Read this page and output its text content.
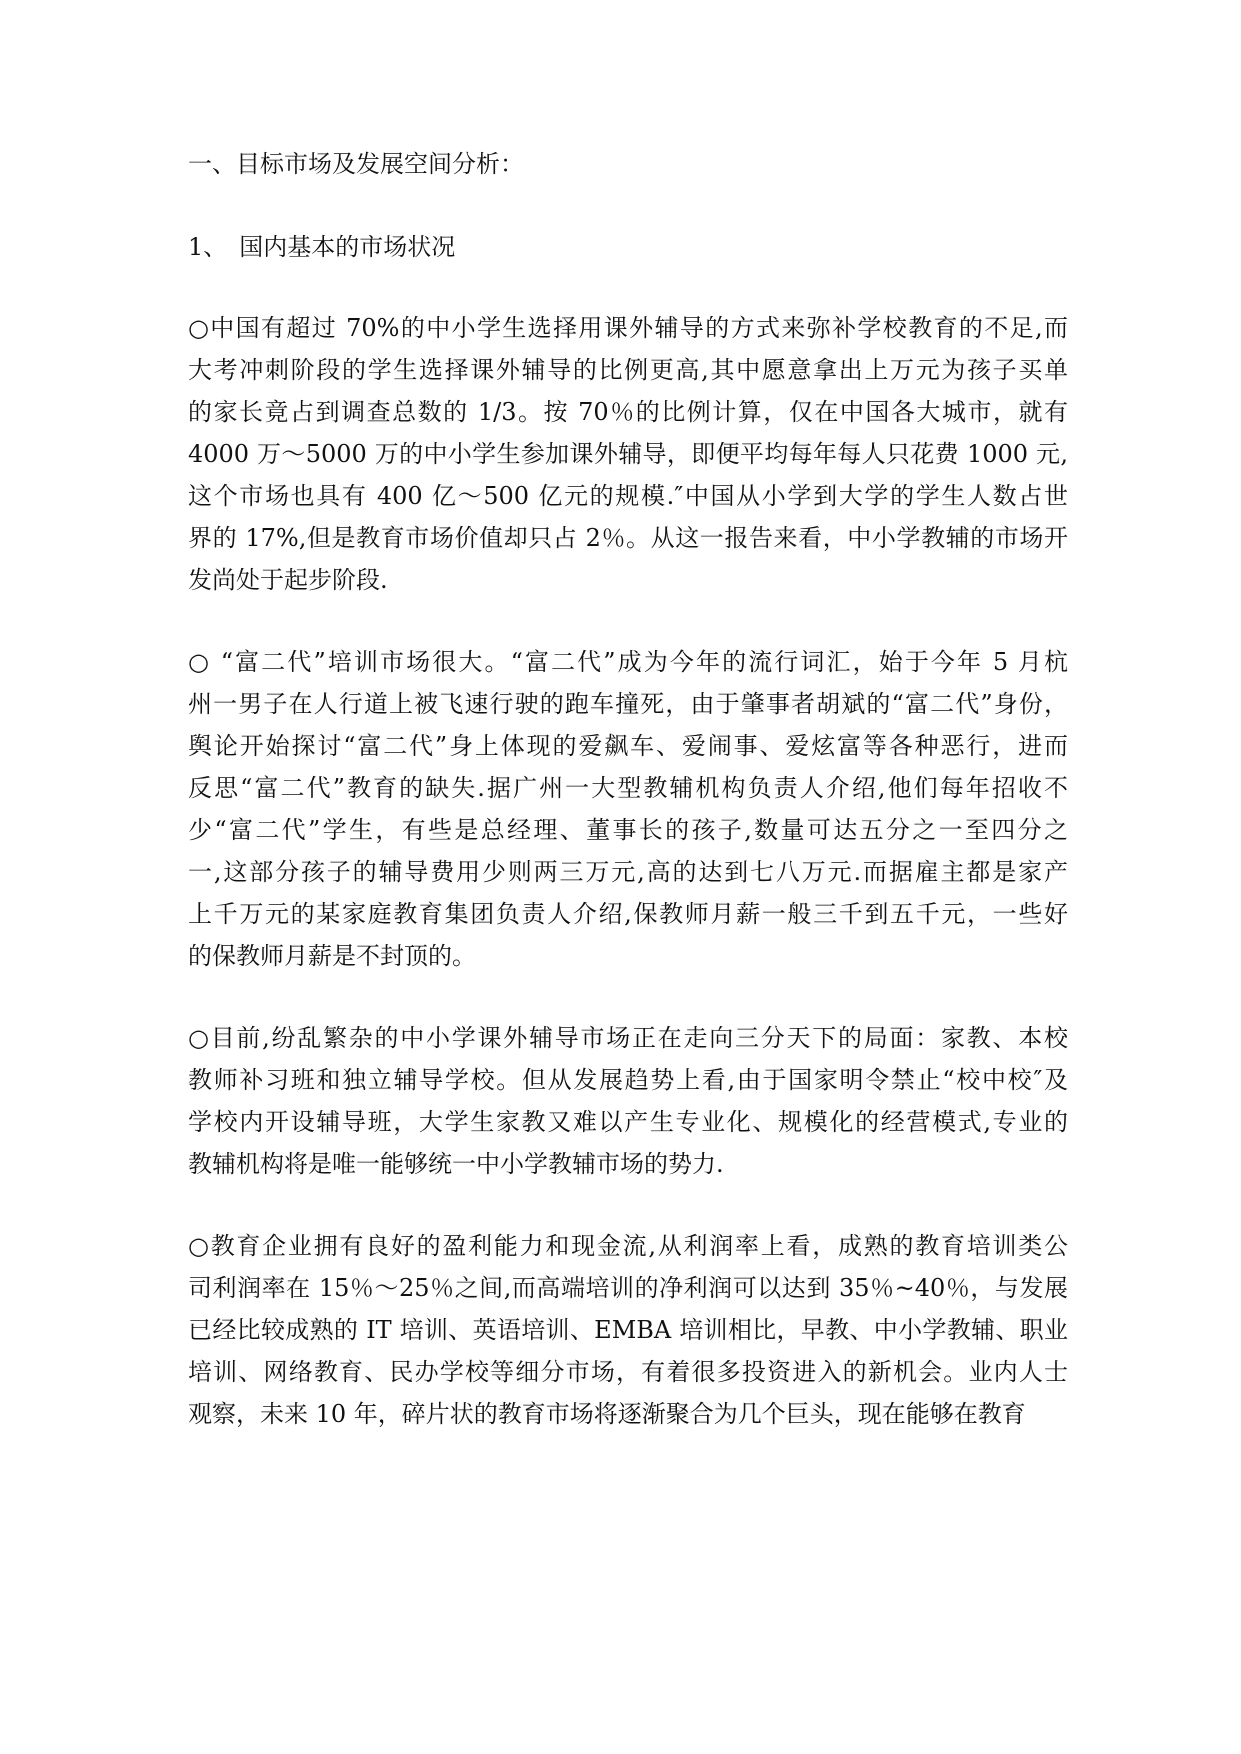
一、目标市场及发展空间分析：

1、　国内基本的市场状况

○中国有超过 70%的中小学生选择用课外辅导的方式来弥补学校教育的不足,而
大考冲刺阶段的学生选择课外辅导的比例更高,其中愿意拿出上万元为孩子买单
的家长竟占到调查总数的 1/3。按 70％的比例计算，仅在中国各大城市，就有
4000 万～5000 万的中小学生参加课外辅导，即便平均每年每人只花费 1000 元,
这个市场也具有 400 亿～500 亿元的规模.″中国从小学到大学的学生人数占世
界的 17%,但是教育市场价值却只占 2％。从这一报告来看，中小学教辅的市场开
发尚处于起步阶段.

○ “富二代”培训市场很大。“富二代”成为今年的流行词汇，始于今年 5 月杭
州一男子在人行道上被飞速行驶的跑车撞死，由于肇事者胡斌的“富二代”身份，
舆论开始探讨“富二代”身上体现的爱飙车、爱闹事、爱炫富等各种恶行，进而
反思“富二代”教育的缺失.据广州一大型教辅机构负责人介绍,他们每年招收不
少“富二代”学生，有些是总经理、董事长的孩子,数量可达五分之一至四分之
一,这部分孩子的辅导费用少则两三万元,高的达到七八万元.而据雇主都是家产
上千万元的某家庭教育集团负责人介绍,保教师月薪一般三千到五千元，一些好
的保教师月薪是不封顶的。

○目前,纷乱繁杂的中小学课外辅导市场正在走向三分天下的局面：家教、本校
教师补习班和独立辅导学校。但从发展趋势上看,由于国家明令禁止“校中校″及
学校内开设辅导班，大学生家教又难以产生专业化、规模化的经营模式,专业的
教辅机构将是唯一能够统一中小学教辅市场的势力.

○教育企业拥有良好的盈利能力和现金流,从利润率上看，成熟的教育培训类公
司利润率在 15％～25％之间,而高端培训的净利润可以达到 35％~40％，与发展
已经比较成熟的 IT 培训、英语培训、EMBA 培训相比，早教、中小学教辅、职业
培训、网络教育、民办学校等细分市场，有着很多投资进入的新机会。业内人士
观察，未来 10 年，碎片状的教育市场将逐渐聚合为几个巨头，现在能够在教育
